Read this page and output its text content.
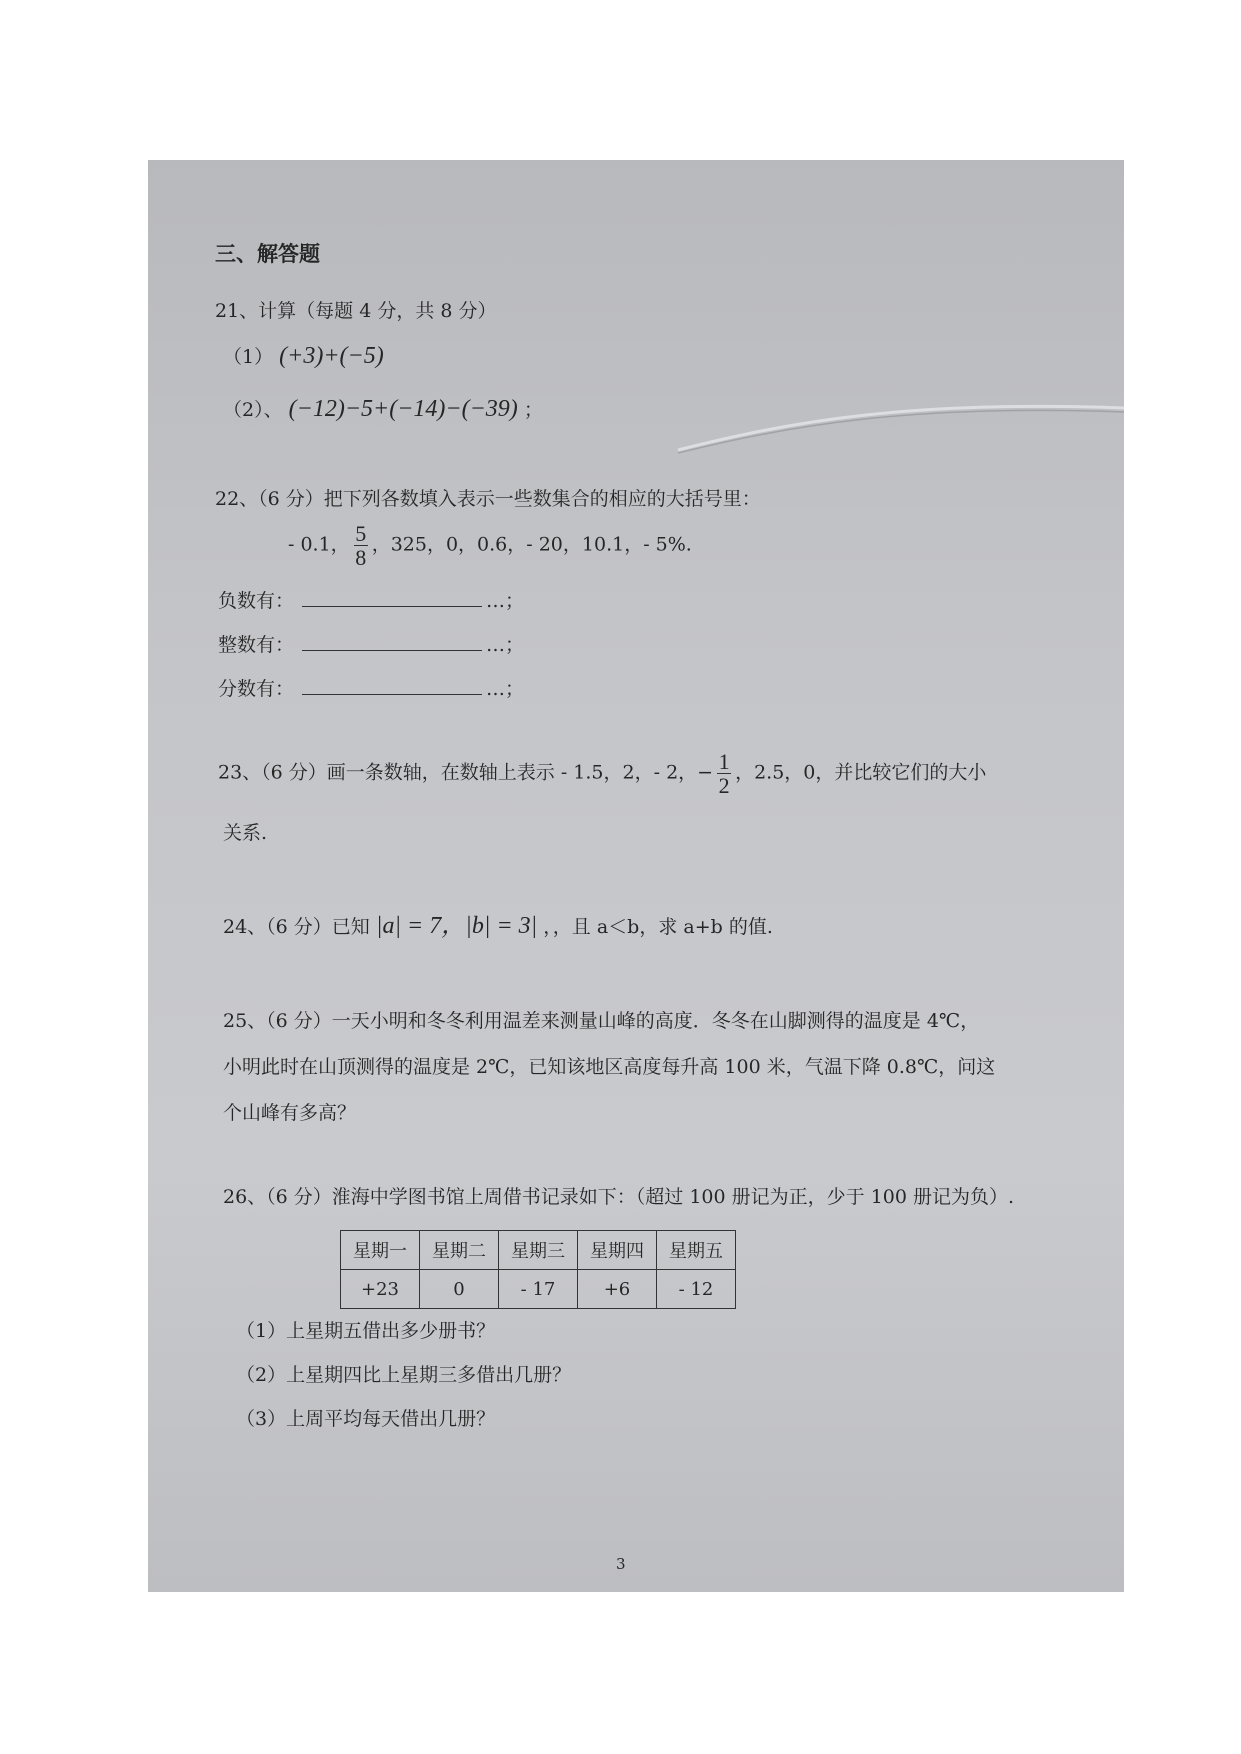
三、解答题
21、计算（每题 4 分，共 8 分）
（1） (+3)+(−5)
（2）、 (−12)−5+(−14)−(−39) ；
22、（6 分）把下列各数填入表示一些数集合的相应的大括号里：
- 0.1， $\frac{5}{8}$ ，325，0，0.6，- 20，10.1，- 5%.
负数有：	…；
整数有：	…；
分数有：	…；
23、（6 分）画一条数轴，在数轴上表示 - 1.5，2，- 2，− $\frac{1}{2}$ ，2.5，0，并比较它们的大小
关系.
24、（6 分）已知 |a| = 7，|b| = 3| ，，且 a＜b，求 a+b 的值.
25、（6 分）一天小明和冬冬利用温差来测量山峰的高度．冬冬在山脚测得的温度是 4℃，
小明此时在山顶测得的温度是 2℃，已知该地区高度每升高 100 米，气温下降 0.8℃，问这
个山峰有多高？
26、（6 分）淮海中学图书馆上周借书记录如下：（超过 100 册记为正，少于 100 册记为负）.
星期一	星期二	星期三	星期四	星期五
+23	0	- 17	+6	- 12
（1）上星期五借出多少册书？
（2）上星期四比上星期三多借出几册？
（3）上周平均每天借出几册？
3
